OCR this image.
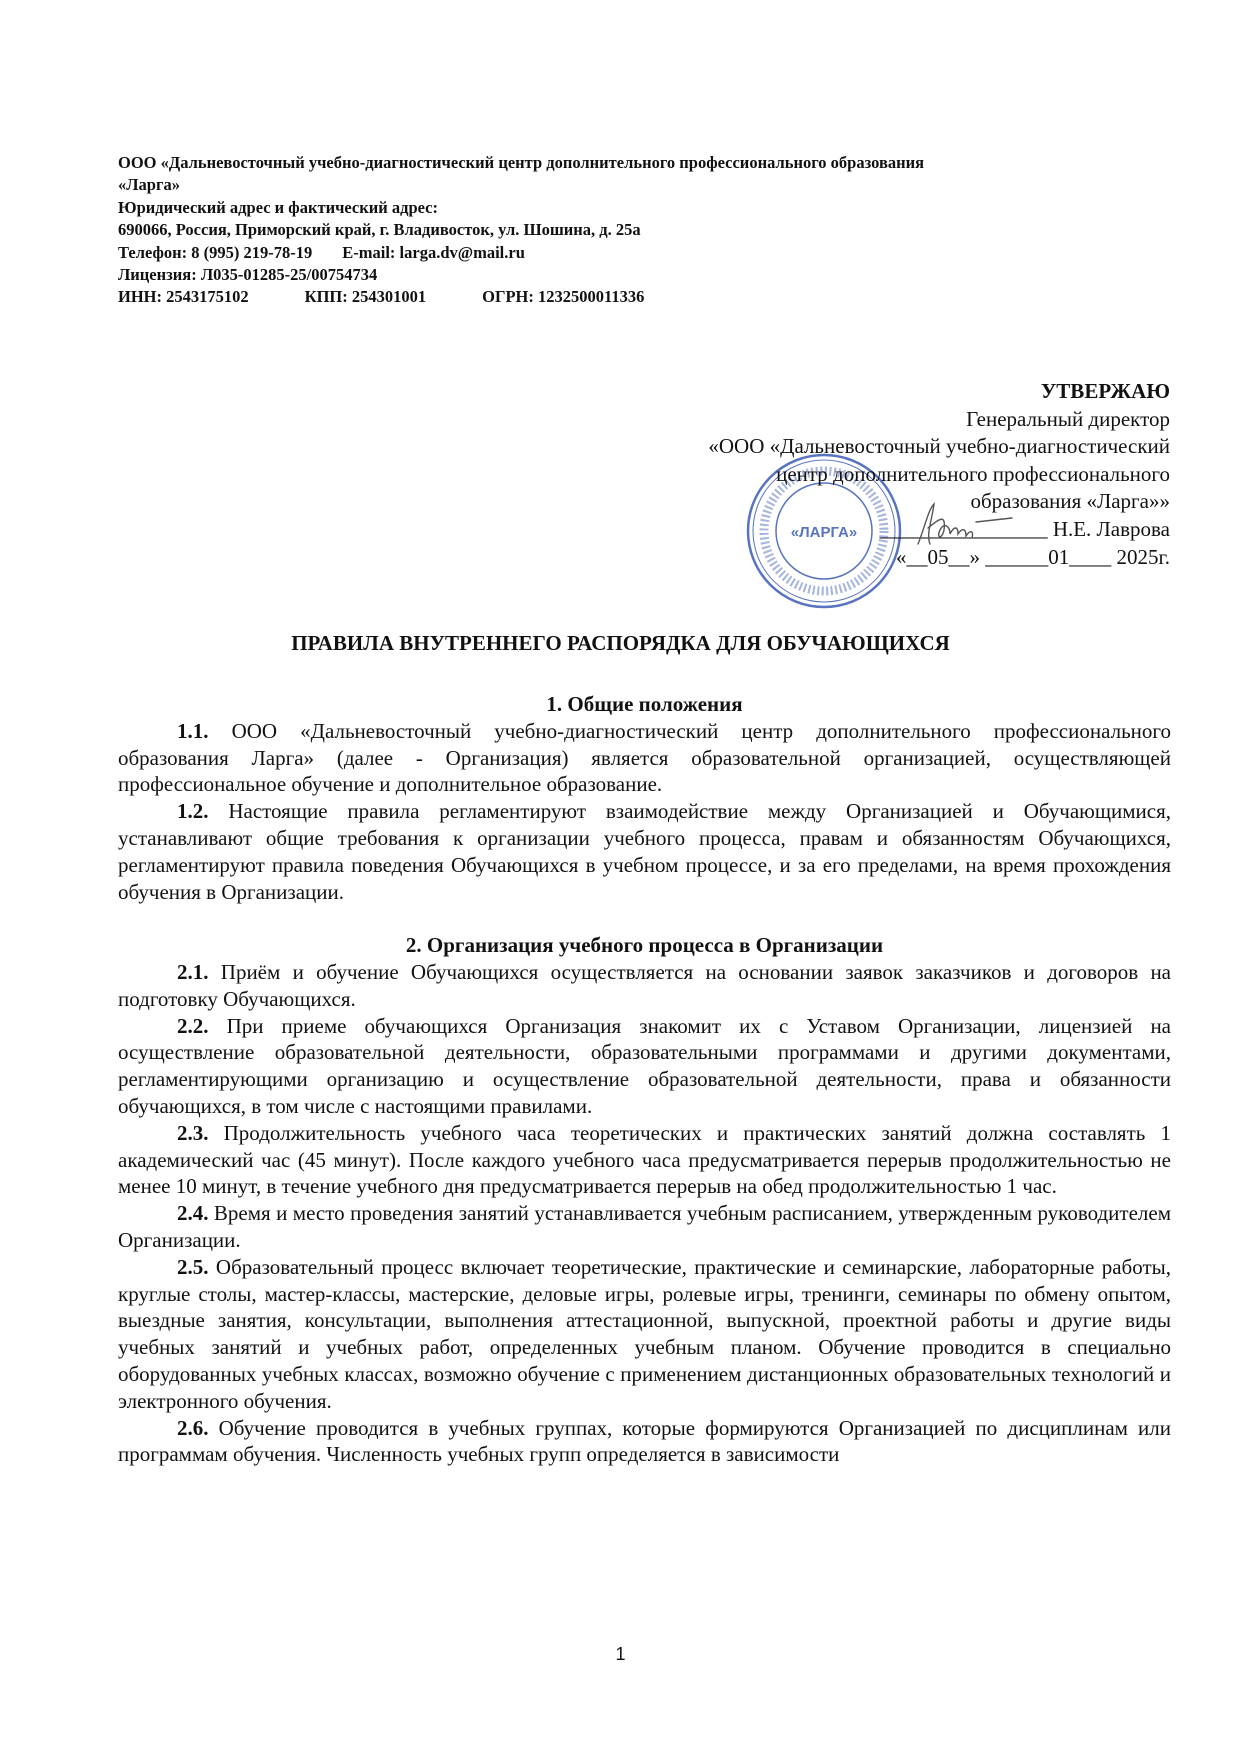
ООО «Дальневосточный учебно-диагностический центр дополнительного профессионального образования
«Ларга»
Юридический адрес и фактический адрес:
690066, Россия, Приморский край, г. Владивосток, ул. Шошина, д. 25а
Телефон: 8 (995) 219-78-19 E-mail: larga.dv@mail.ru
Лицензия: Л035-01285-25/00754734
ИНН: 2543175102	КПП: 254301001	ОГРН: 1232500011336
«ЛАРГА»
УТВЕРЖАЮ
Генеральный директор
«ООО «Дальневосточный учебно-диагностический
центр дополнительного профессионального
образования «Ларга»»
________________ Н.Е. Лаврова
«__05__» ______01____ 2025г.
ПРАВИЛА ВНУТРЕННЕГО РАСПОРЯДКА ДЛЯ ОБУЧАЮЩИХСЯ
1. Общие положения
1.1. ООО «Дальневосточный учебно-диагностический центр дополнительного профессионального образования Ларга» (далее - Организация) является образовательной организацией, осуществляющей профессиональное обучение и дополнительное образование.
1.2. Настоящие правила регламентируют взаимодействие между Организацией и Обучающимися, устанавливают общие требования к организации учебного процесса, правам и обязанностям Обучающихся, регламентируют правила поведения Обучающихся в учебном процессе, и за его пределами, на время прохождения обучения в Организации.
2. Организация учебного процесса в Организации
2.1. Приём и обучение Обучающихся осуществляется на основании заявок заказчиков и договоров на подготовку Обучающихся.
2.2. При приеме обучающихся Организация знакомит их с Уставом Организации, лицензией на осуществление образовательной деятельности, образовательными программами и другими документами, регламентирующими организацию и осуществление образовательной деятельности, права и обязанности обучающихся, в том числе с настоящими правилами.
2.3. Продолжительность учебного часа теоретических и практических занятий должна составлять 1 академический час (45 минут). После каждого учебного часа предусматривается перерыв продолжительностью не менее 10 минут, в течение учебного дня предусматривается перерыв на обед продолжительностью 1 час.
2.4. Время и место проведения занятий устанавливается учебным расписанием, утвержденным руководителем Организации.
2.5. Образовательный процесс включает теоретические, практические и семинарские, лабораторные работы, круглые столы, мастер-классы, мастерские, деловые игры, ролевые игры, тренинги, семинары по обмену опытом, выездные занятия, консультации, выполнения аттестационной, выпускной, проектной работы и другие виды учебных занятий и учебных работ, определенных учебным планом. Обучение проводится в специально оборудованных учебных классах, возможно обучение с применением дистанционных образовательных технологий и электронного обучения.
2.6. Обучение проводится в учебных группах, которые формируются Организацией по дисциплинам или программам обучения. Численность учебных групп определяется в зависимости
1
